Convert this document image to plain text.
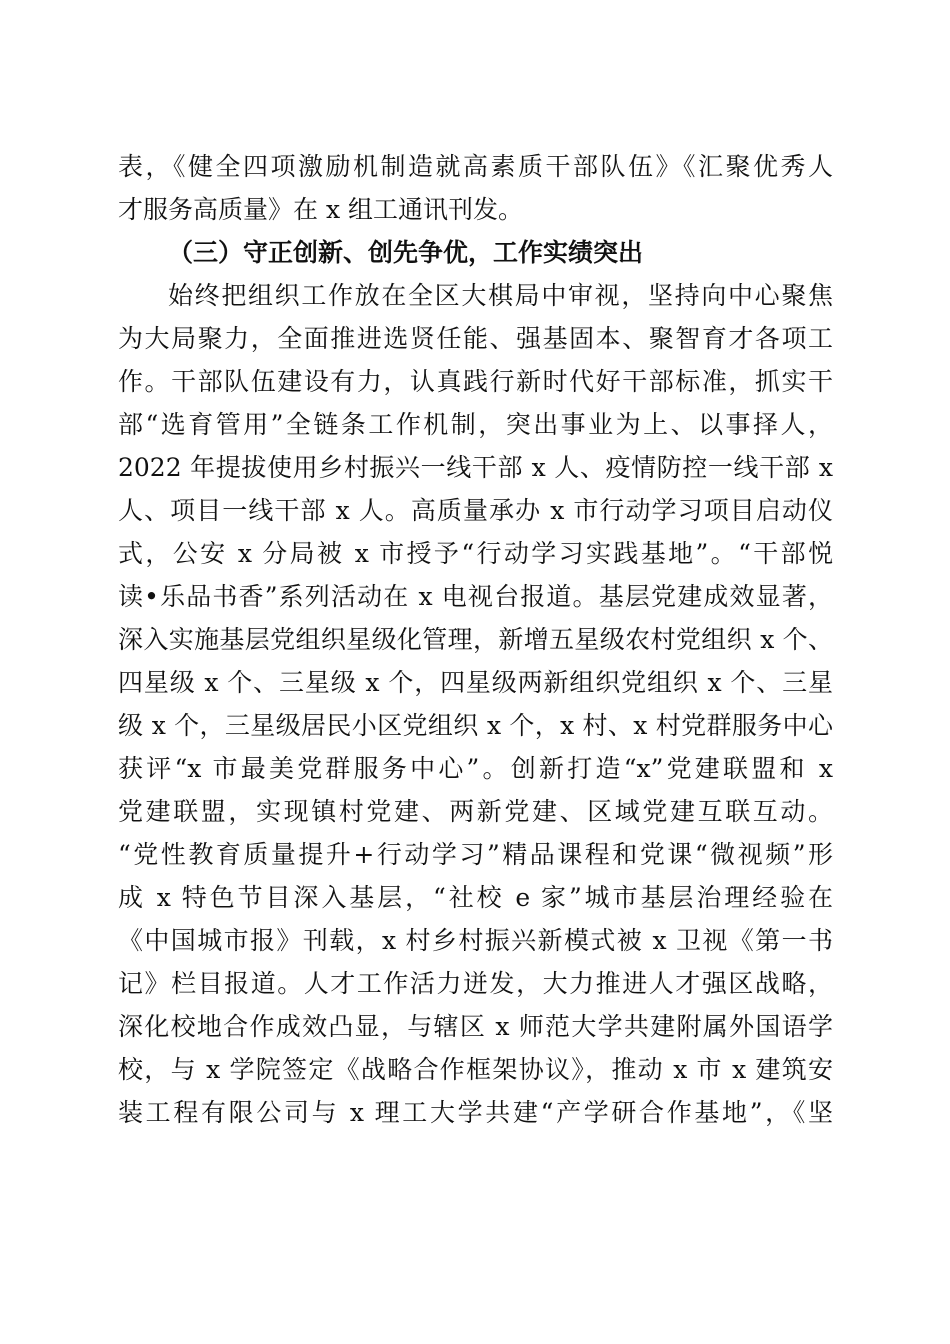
表，《健全四项激励机制造就高素质干部队伍》《汇聚优秀人
才服务高质量》在 x 组工通讯刊发。
（三）守正创新、创先争优，工作实绩突出
始终把组织工作放在全区大棋局中审视，坚持向中心聚焦
为大局聚力，全面推进选贤任能、强基固本、聚智育才各项工
作。干部队伍建设有力，认真践行新时代好干部标准，抓实干
部“选育管用”全链条工作机制，突出事业为上、以事择人，
2022 年提拔使用乡村振兴一线干部 x 人、疫情防控一线干部 x
人、项目一线干部 x 人。高质量承办 x 市行动学习项目启动仪
式，公安 x 分局被 x 市授予“行动学习实践基地”。“干部悦
读•乐品书香”系列活动在 x 电视台报道。基层党建成效显著，
深入实施基层党组织星级化管理，新增五星级农村党组织 x 个、
四星级 x 个、三星级 x 个，四星级两新组织党组织 x 个、三星
级 x 个，三星级居民小区党组织 x 个，x 村、x 村党群服务中心
获评“x 市最美党群服务中心”。创新打造“x”党建联盟和 x
党建联盟，实现镇村党建、两新党建、区域党建互联互动。
“党性教育质量提升+行动学习”精品课程和党课“微视频”形
成 x 特色节目深入基层，“社校 e 家”城市基层治理经验在
《中国城市报》刊载，x 村乡村振兴新模式被 x 卫视《第一书
记》栏目报道。人才工作活力迸发，大力推进人才强区战略，
深化校地合作成效凸显，与辖区 x 师范大学共建附属外国语学
校，与 x 学院签定《战略合作框架协议》，推动 x 市 x 建筑安
装工程有限公司与 x 理工大学共建“产学研合作基地”，《坚
